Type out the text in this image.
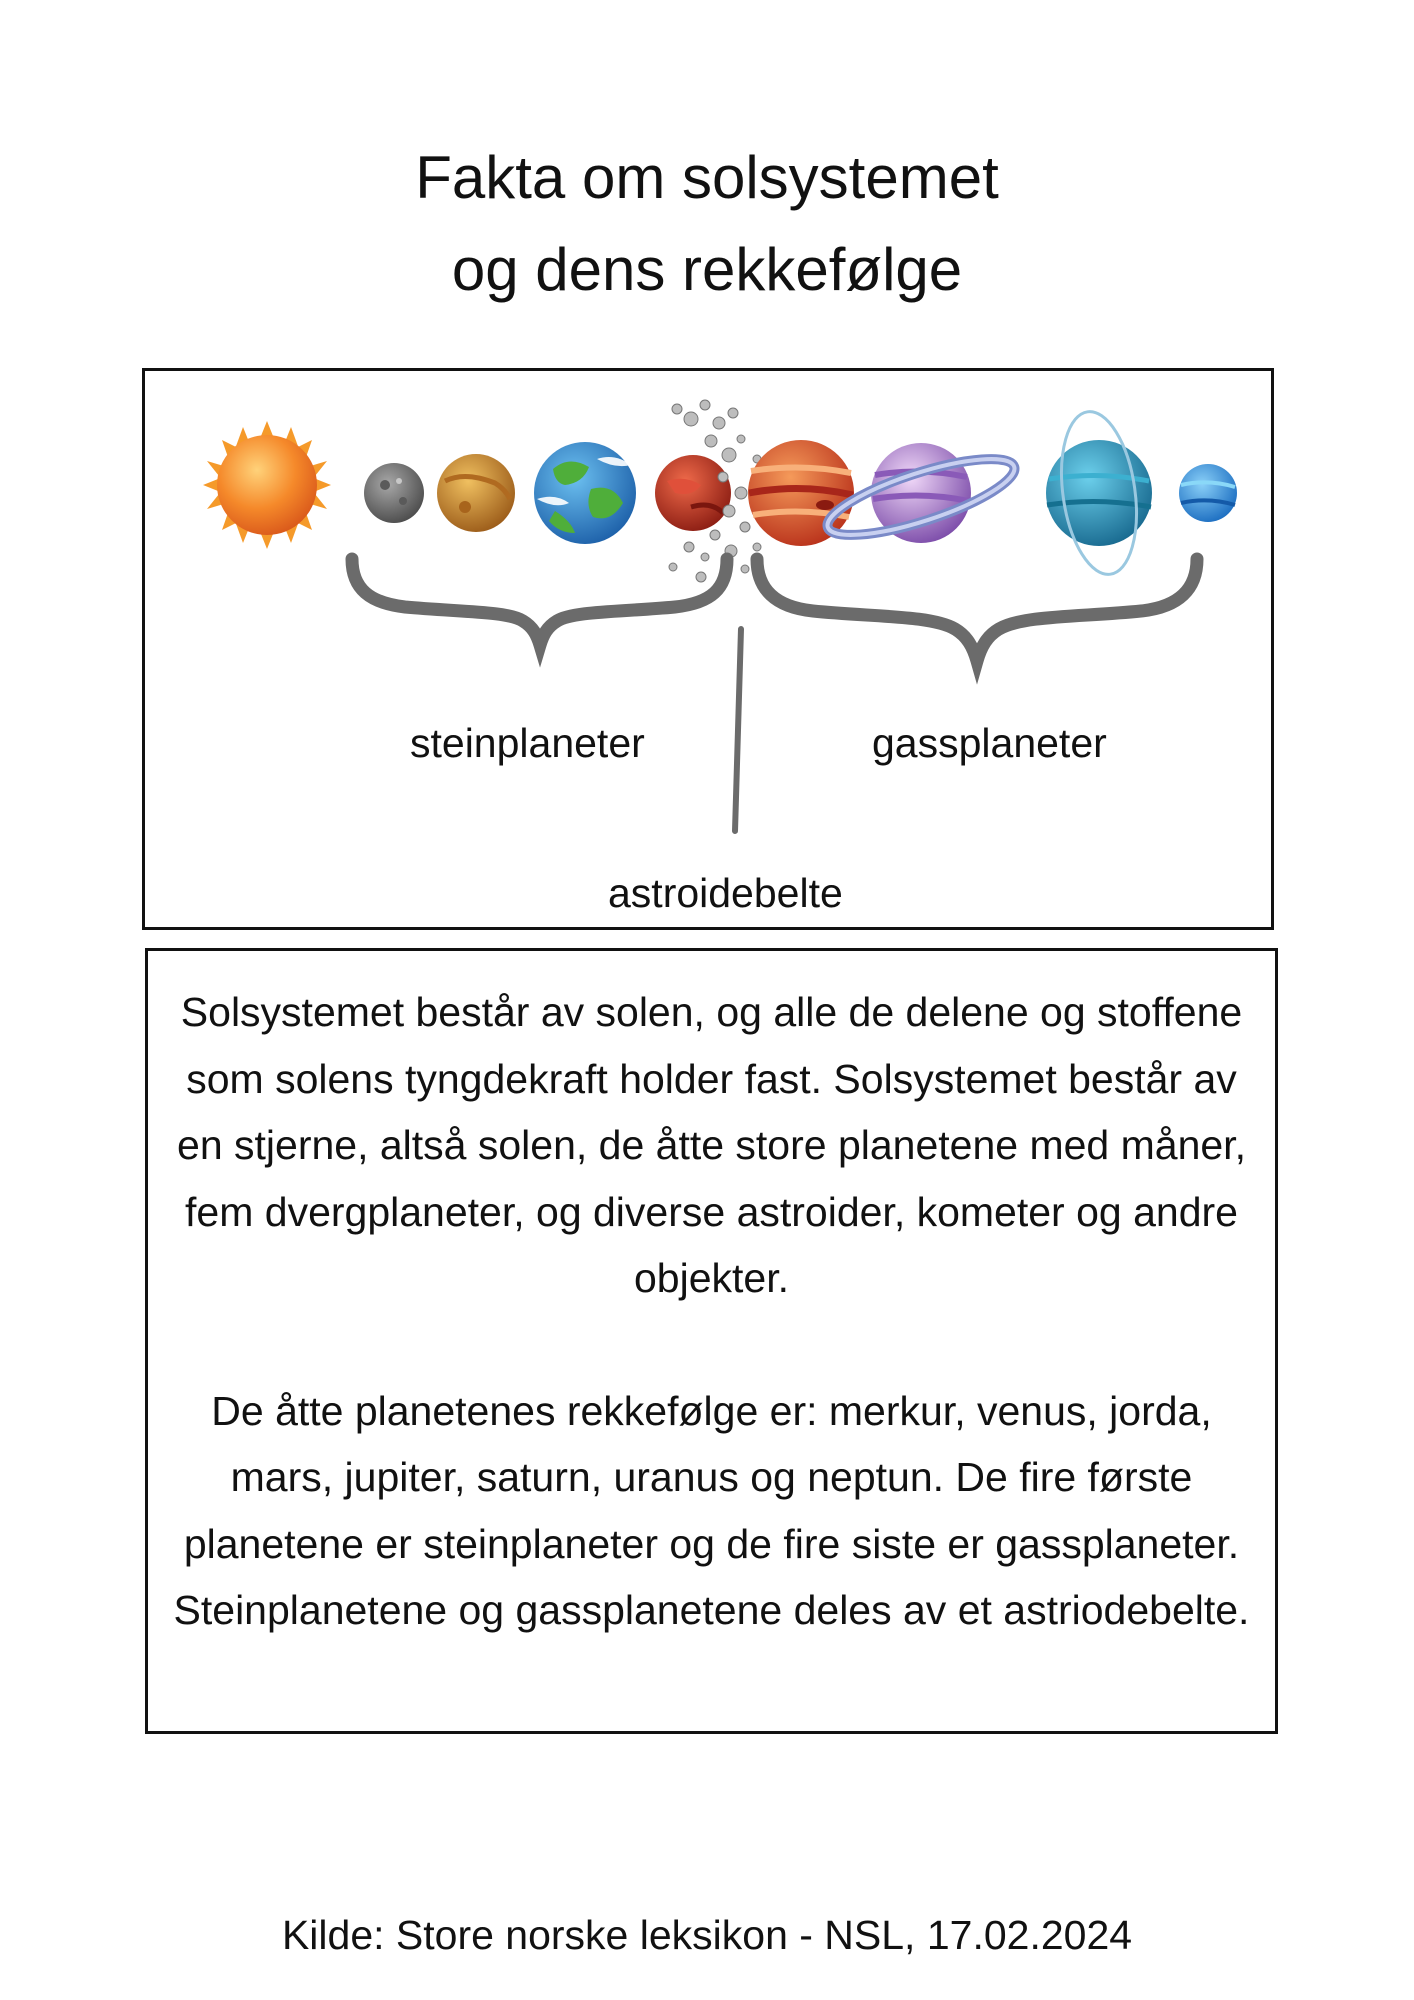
Fakta om solsystemet
og dens rekkefølge
steinplaneter	gassplaneter
astroidebelte

Solsystemet består av solen, og alle de delene og stoffene som solens tyngdekraft holder fast. Solsystemet består av en stjerne, altså solen, de åtte store planetene med måner, fem dvergplaneter, og diverse astroider, kometer og andre objekter.

De åtte planetenes rekkefølge er: merkur, venus, jorda, mars, jupiter, saturn, uranus og neptun. De fire første planetene er steinplaneter og de fire siste er gassplaneter. Steinplanetene og gassplanetene deles av et astriodebelte.

Kilde: Store norske leksikon - NSL, 17.02.2024
